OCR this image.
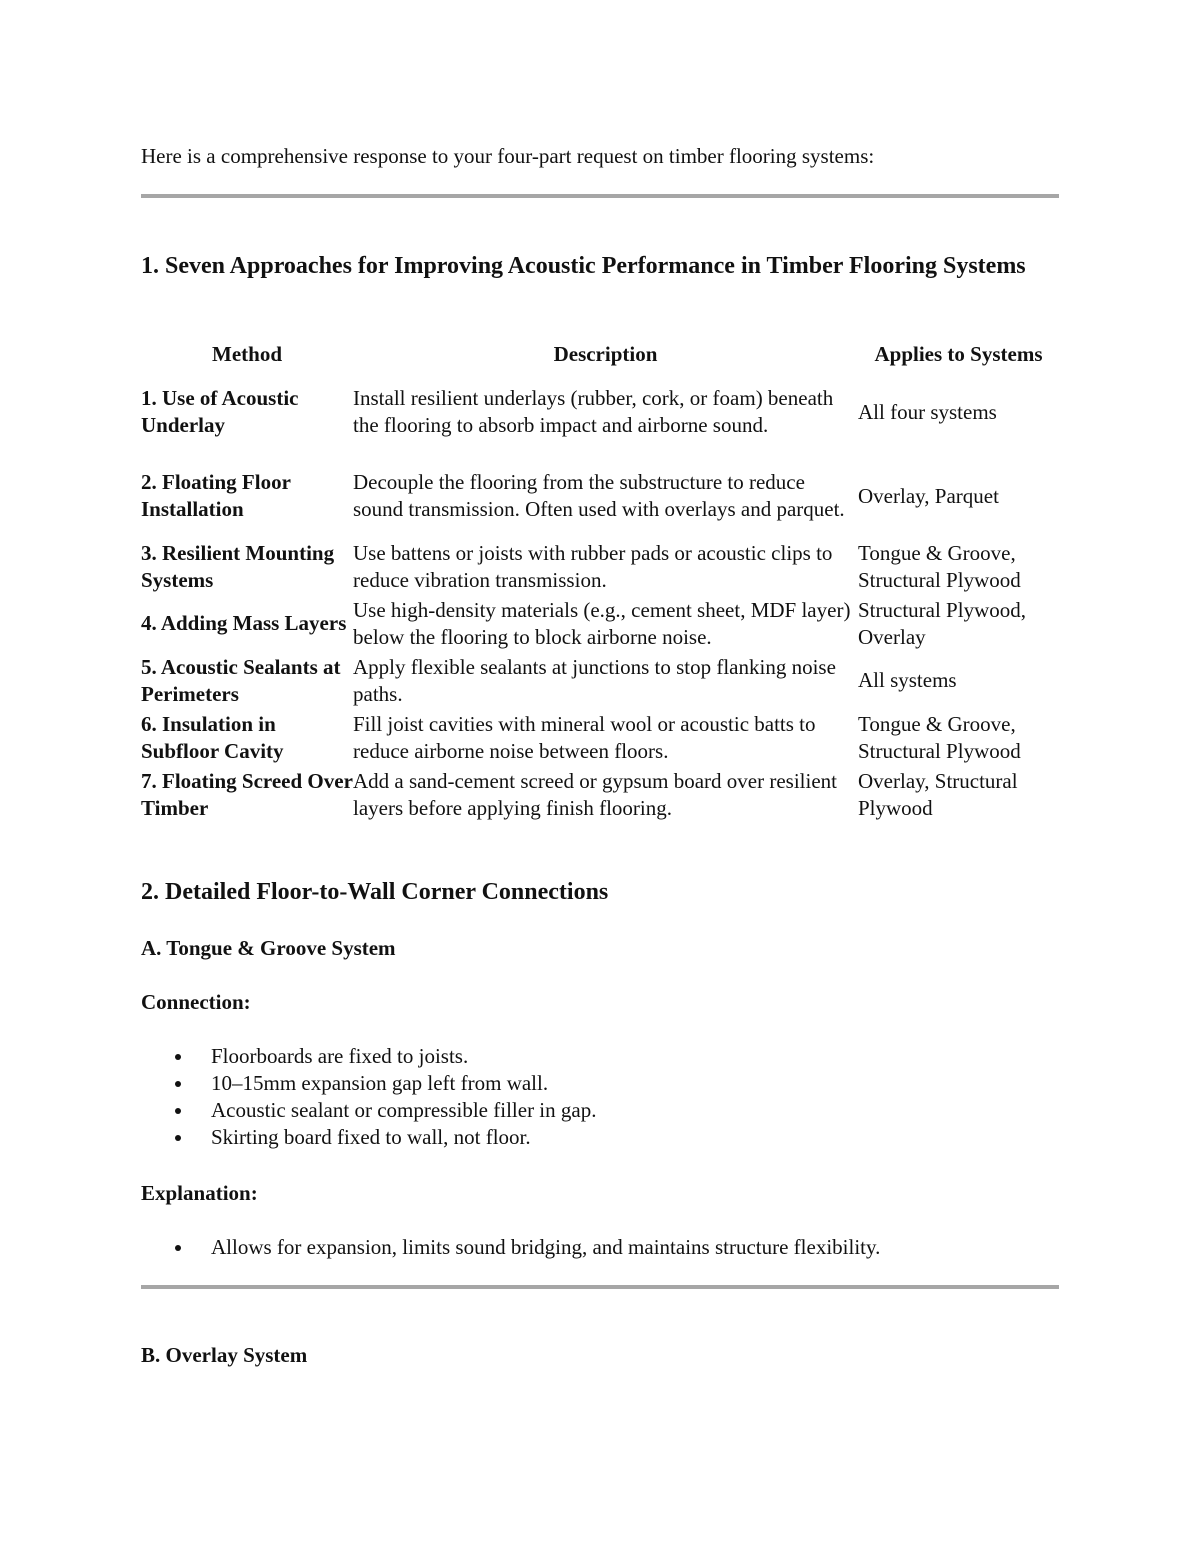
Here is a comprehensive response to your four-part request on timber flooring systems:

1. Seven Approaches for Improving Acoustic Performance in Timber Flooring Systems
Method	Description	Applies to Systems
1. Use of Acoustic Underlay	Install resilient underlays (rubber, cork, or foam) beneath the flooring to absorb impact and airborne sound.	All four systems
2. Floating Floor Installation	Decouple the flooring from the substructure to reduce sound transmission. Often used with overlays and parquet.	Overlay, Parquet
3. Resilient Mounting Systems	Use battens or joists with rubber pads or acoustic clips to reduce vibration transmission.	Tongue & Groove, Structural Plywood
4. Adding Mass Layers	Use high-density materials (e.g., cement sheet, MDF layer) below the flooring to block airborne noise.	Structural Plywood, Overlay
5. Acoustic Sealants at Perimeters	Apply flexible sealants at junctions to stop flanking noise paths.	All systems
6. Insulation in Subfloor Cavity	Fill joist cavities with mineral wool or acoustic batts to reduce airborne noise between floors.	Tongue & Groove, Structural Plywood
7. Floating Screed Over Timber	Add a sand-cement screed or gypsum board over resilient layers before applying finish flooring.	Overlay, Structural Plywood
2. Detailed Floor-to-Wall Corner Connections
A. Tongue & Groove System

Connection:

Floorboards are fixed to joists.
10–15mm expansion gap left from wall.
Acoustic sealant or compressible filler in gap.
Skirting board fixed to wall, not floor.

Explanation:

Allows for expansion, limits sound bridging, and maintains structure flexibility.
B. Overlay System
